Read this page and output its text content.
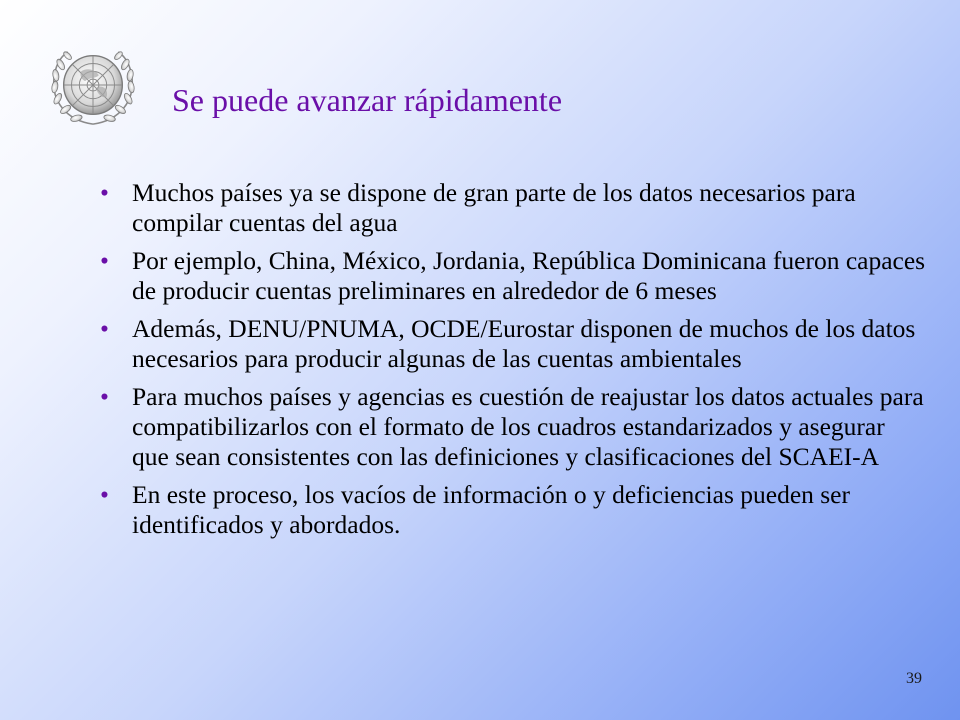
Se puede avanzar rápidamente
• Muchos países ya se dispone de gran parte de los datos necesarios para compilar cuentas del agua
• Por ejemplo, China, México, Jordania, República Dominicana fueron capaces de producir cuentas preliminares en alrededor de 6 meses
• Además, DENU/PNUMA, OCDE/Eurostar disponen de muchos de los datos necesarios para producir algunas de las cuentas ambientales
• Para muchos países y agencias es cuestión de reajustar los datos actuales para compatibilizarlos con el formato de los cuadros estandarizados y asegurar que sean consistentes con las definiciones y clasificaciones del SCAEI-A
• En este proceso, los vacíos de información o y deficiencias pueden ser identificados y abordados.
39
